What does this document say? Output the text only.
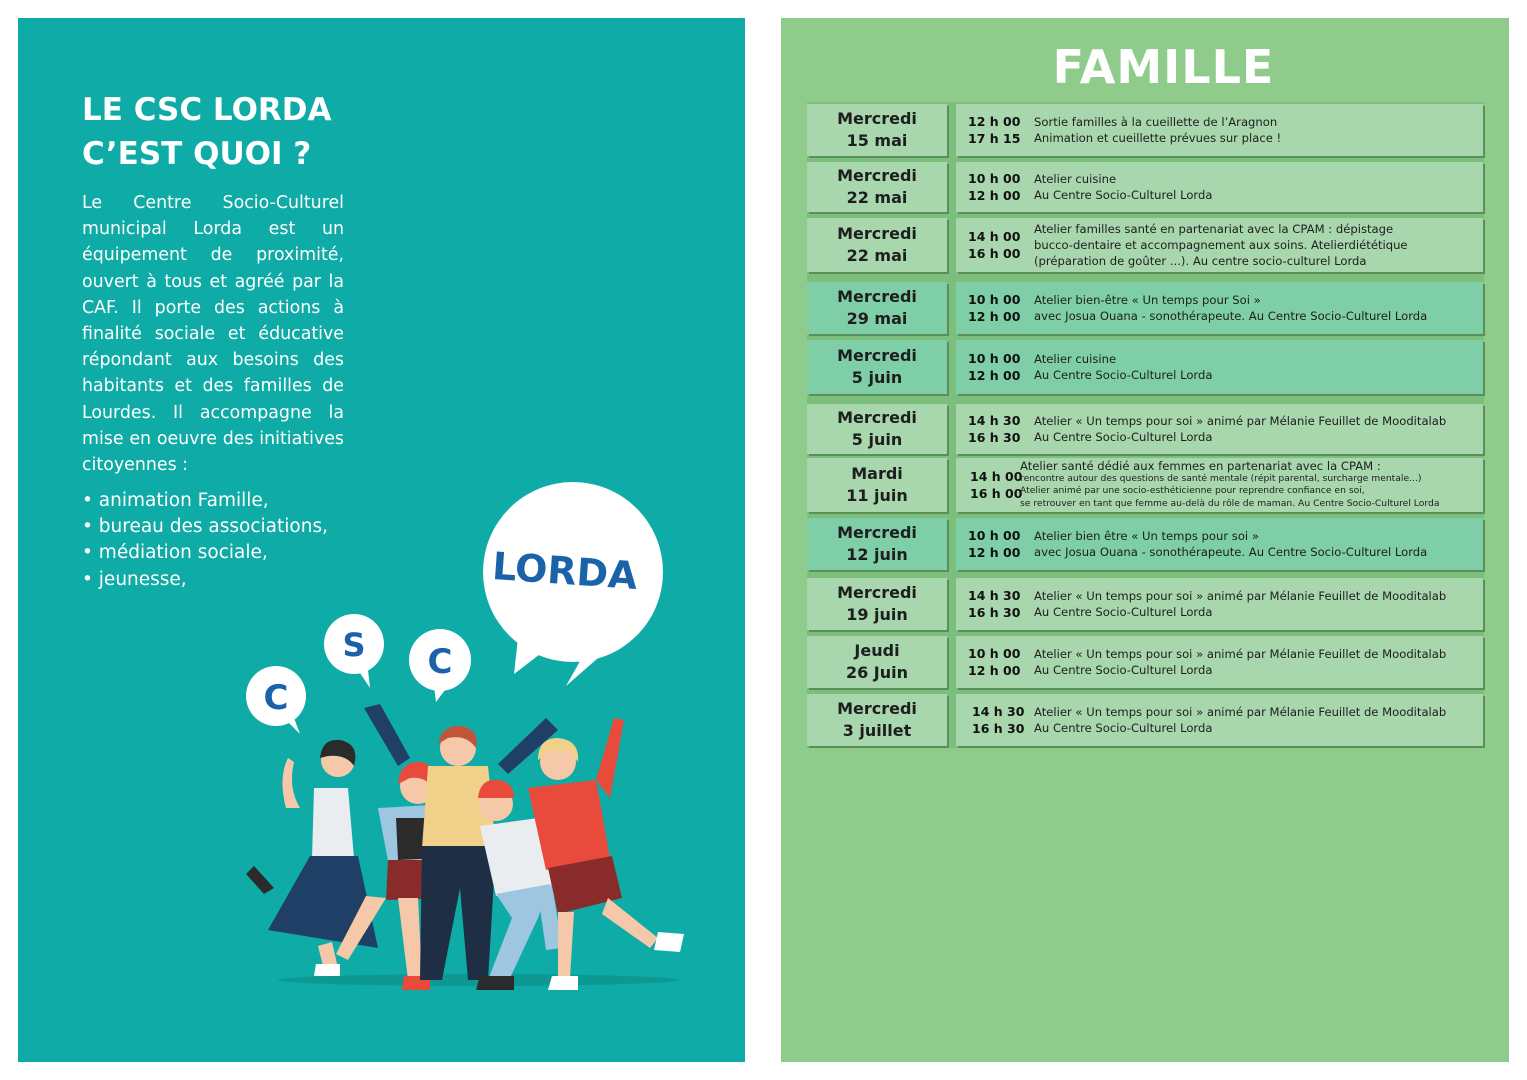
LE CSC LORDA
C’EST QUOI ?
Le Centre Socio-Culturel municipal Lorda est un équipement de proximité, ouvert à tous et agréé par la CAF. Il porte des actions à finalité sociale et éducative répondant aux besoins des habitants et des familles de Lourdes. Il accompagne la mise en oeuvre des initiatives citoyennes :
• animation Famille,
• bureau des associations,
• médiation sociale,
• jeunesse,
C
S C
LORDA
FAMILLE
Mercredi
15 mai
12 h 00
17 h 15
Sortie familles à la cueillette de l’Aragnon
Animation et cueillette prévues sur place !
Mercredi
22 mai
10 h 00
12 h 00
Atelier cuisine
Au Centre Socio-Culturel Lorda
Mercredi
22 mai
14 h 00
16 h 00
Atelier familles santé en partenariat avec la CPAM : dépistage
bucco-dentaire et accompagnement aux soins. Atelierdiététique
(préparation de goûter ...). Au centre socio-culturel Lorda
Mercredi
29 mai
10 h 00
12 h 00
Atelier bien-être « Un temps pour Soi »
avec Josua Ouana - sonothérapeute. Au Centre Socio-Culturel Lorda
Mercredi
5 juin
10 h 00
12 h 00
Atelier cuisine
Au Centre Socio-Culturel Lorda
Mercredi
5 juin
14 h 30
16 h 30
Atelier « Un temps pour soi » animé par Mélanie Feuillet de Mooditalab
Au Centre Socio-Culturel Lorda
Mardi
11 juin
14 h 00
16 h 00
Atelier santé dédié aux femmes en partenariat avec la CPAM :
rencontre autour des questions de santé mentale (répit parental, surcharge mentale...)
Atelier animé par une socio-esthéticienne pour reprendre confiance en soi,
se retrouver en tant que femme au-delà du rôle de maman. Au Centre Socio-Culturel Lorda
Mercredi
12 juin
10 h 00
12 h 00
Atelier bien être « Un temps pour soi »
avec Josua Ouana - sonothérapeute. Au Centre Socio-Culturel Lorda
Mercredi
19 juin
14 h 30
16 h 30
Atelier « Un temps pour soi » animé par Mélanie Feuillet de Mooditalab
Au Centre Socio-Culturel Lorda
Jeudi
26 Juin
10 h 00
12 h 00
Atelier « Un temps pour soi » animé par Mélanie Feuillet de Mooditalab
Au Centre Socio-Culturel Lorda
Mercredi
3 juillet
14 h 30
16 h 30
Atelier « Un temps pour soi » animé par Mélanie Feuillet de Mooditalab
Au Centre Socio-Culturel Lorda
